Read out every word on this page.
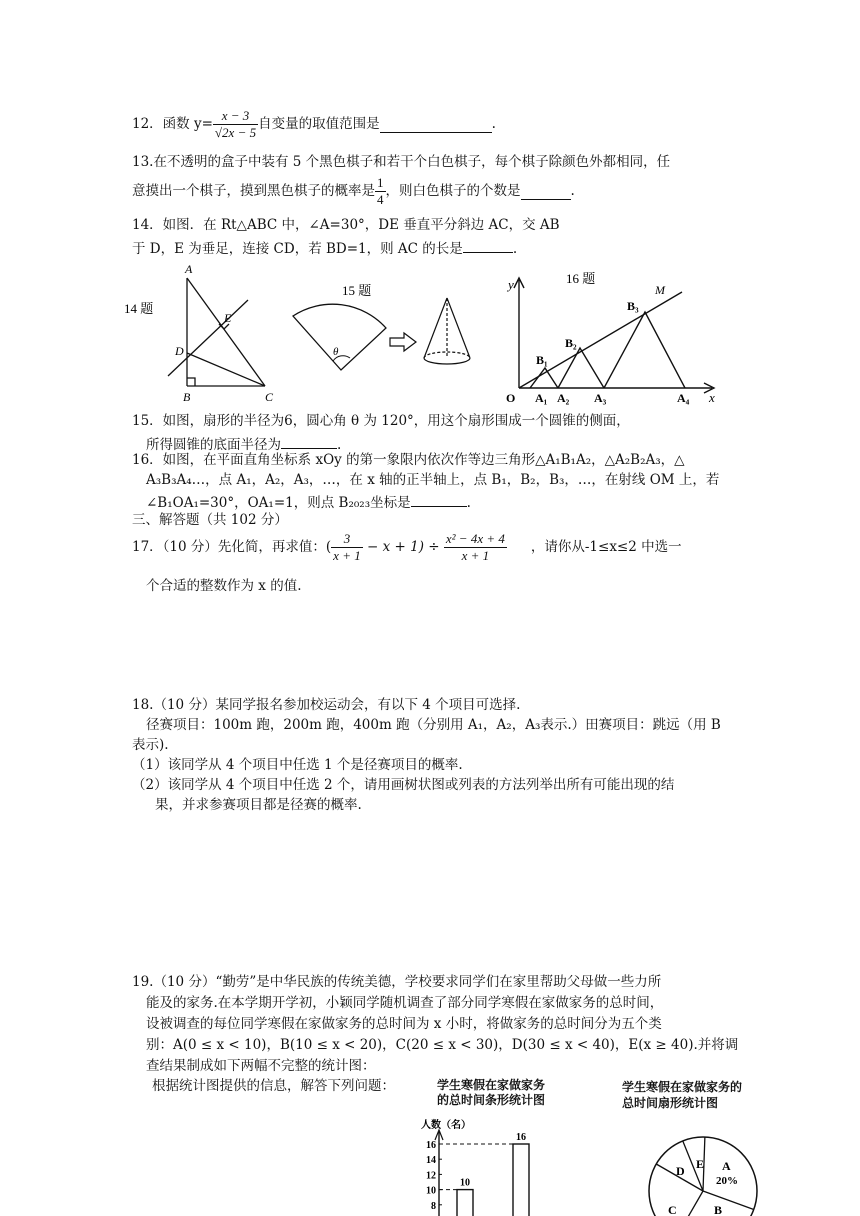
12．函数 $y= \frac{x - 3}{√2x - 5}$ 自变量的取值范围是	.
13.在不透明的盒子中装有 5 个黑色棋子和若干个白色棋子，每个棋子除颜色外都相同，任
意摸出一个棋子，摸到黑色棋子的概率是 $\frac{1}{4}$ ，则白色棋子的个数是	.
14．如图．在 Rt△ABC 中，∠A=30°，DE 垂直平分斜边 AC，交 AB
于 D，E 为垂足，连接 CD，若 BD=1，则 AC 的长是	.
14 题
A
B	C
D
E
15 题
θ
16 题
y
x
O
M
A₁ A₂ A₃	A₄
B₁
B₂
B₃
15．如图，扇形的半径为6，圆心角 θ 为 120°，用这个扇形围成一个圆锥的侧面，
所得圆锥的底面半径为	.
16．如图，在平面直角坐标系 xOy 的第一象限内依次作等边三角形△A₁B₁A₂，△A₂B₂A₃，△
A₃B₃A₄…，点 A₁，A₂，A₃，…，在 x 轴的正半轴上，点 B₁，B₂，B₃，…，在射线 OM 上，若
∠B₁OA₁=30°，OA₁=1，则点 B₂₀₂₃坐标是	.
三、解答题（共 102 分）
17．（10 分）先化简，再求值：( $\frac{3}{x + 1} - x + 1) \div \frac{\text{x² − 4x + 4}}{x + 1}$ ，请你从-1≤x≤2 中选一
个合适的整数作为 x 的值.
18.（10 分）某同学报名参加校运动会，有以下 4 个项目可选择.
径赛项目：100m 跑，200m 跑，400m 跑（分别用 A₁，A₂，A₃表示.）田赛项目：跳远（用 B
表示).
（1）该同学从 4 个项目中任选 1 个是径赛项目的概率.
（2）该同学从 4 个项目中任选 2 个，请用画树状图或列表的方法列举出所有可能出现的结
果，并求参赛项目都是径赛的概率.
19.（10 分）“勤劳”是中华民族的传统美德，学校要求同学们在家里帮助父母做一些力所
能及的家务.在本学期开学初，小颖同学随机调查了部分同学寒假在家做家务的总时间，
设被调查的每位同学寒假在家做家务的总时间为 x 小时，将做家务的总时间分为五个类
别：A(0 ≤ x < 10)，B(10 ≤ x < 20)，C(20 ≤ x < 30)，D(30 ≤ x < 40)，E(x ≥ 40).并将调
查结果制成如下两幅不完整的统计图：
根据统计图提供的信息，解答下列问题：	学生寒假在家做家务
的总时间条形统计图
人数（名）
8
10
12
14
16
10
16
学生寒假在家做家务的
总时间扇形统计图
A
B
C
D E
20%
